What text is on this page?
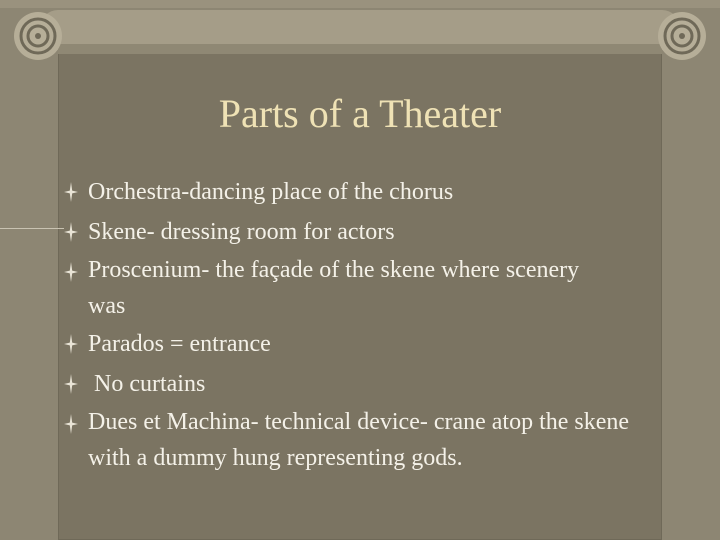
Parts of a Theater
Orchestra-dancing place of the chorus
Skene- dressing room for actors
Proscenium- the façade of the skene where scenery was
Parados = entrance
No curtains
Dues et Machina- technical device- crane atop the skene with a dummy hung representing gods.
